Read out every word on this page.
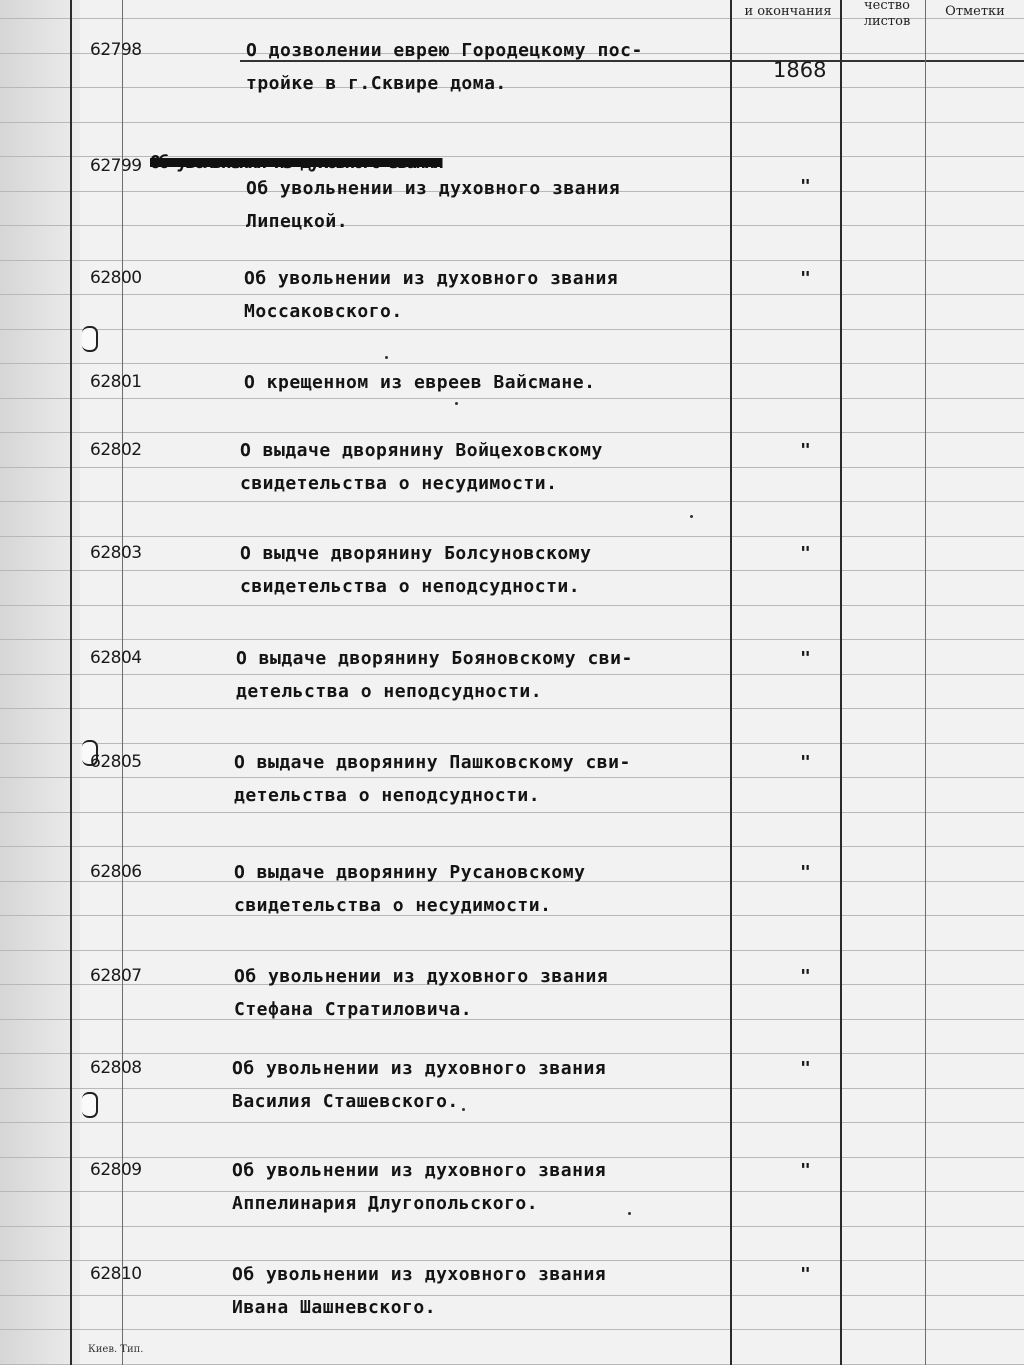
и окончания	чество
листов
Отметки
Об увольнении из духовного звания
1868
62798	О дозволении еврею Городецкому пос-
тройке в г.Сквире дома.
62799
Об увольнении из духовного звания
Липецкой.
"
62800	Об увольнении из духовного звания
Моссаковского.
"
62801	О крещенном из евреев Вайсмане.
62802	О выдаче дворянину Войцеховскому
свидетельства о несудимости.
"
62803	О выдче дворянину Болсуновскому
свидетельства о неподсудности.
"
62804	О выдаче дворянину Бояновскому сви-
детельства о неподсудности.
"
62805	О выдаче дворянину Пашковскому сви-
детельства о неподсудности.
"
62806	О выдаче дворянину Русановскому
свидетельства о несудимости.
"
62807	Об увольнении из духовного звания
Стефана Стратиловича.
"
62808	Об увольнении из духовного звания
Василия Сташевского.
"
62809	Об увольнении из духовного звания
Аппелинария Длугопольского.
"
62810	Об увольнении из духовного звания
Ивана Шашневского.
"
Киев. Тип.
